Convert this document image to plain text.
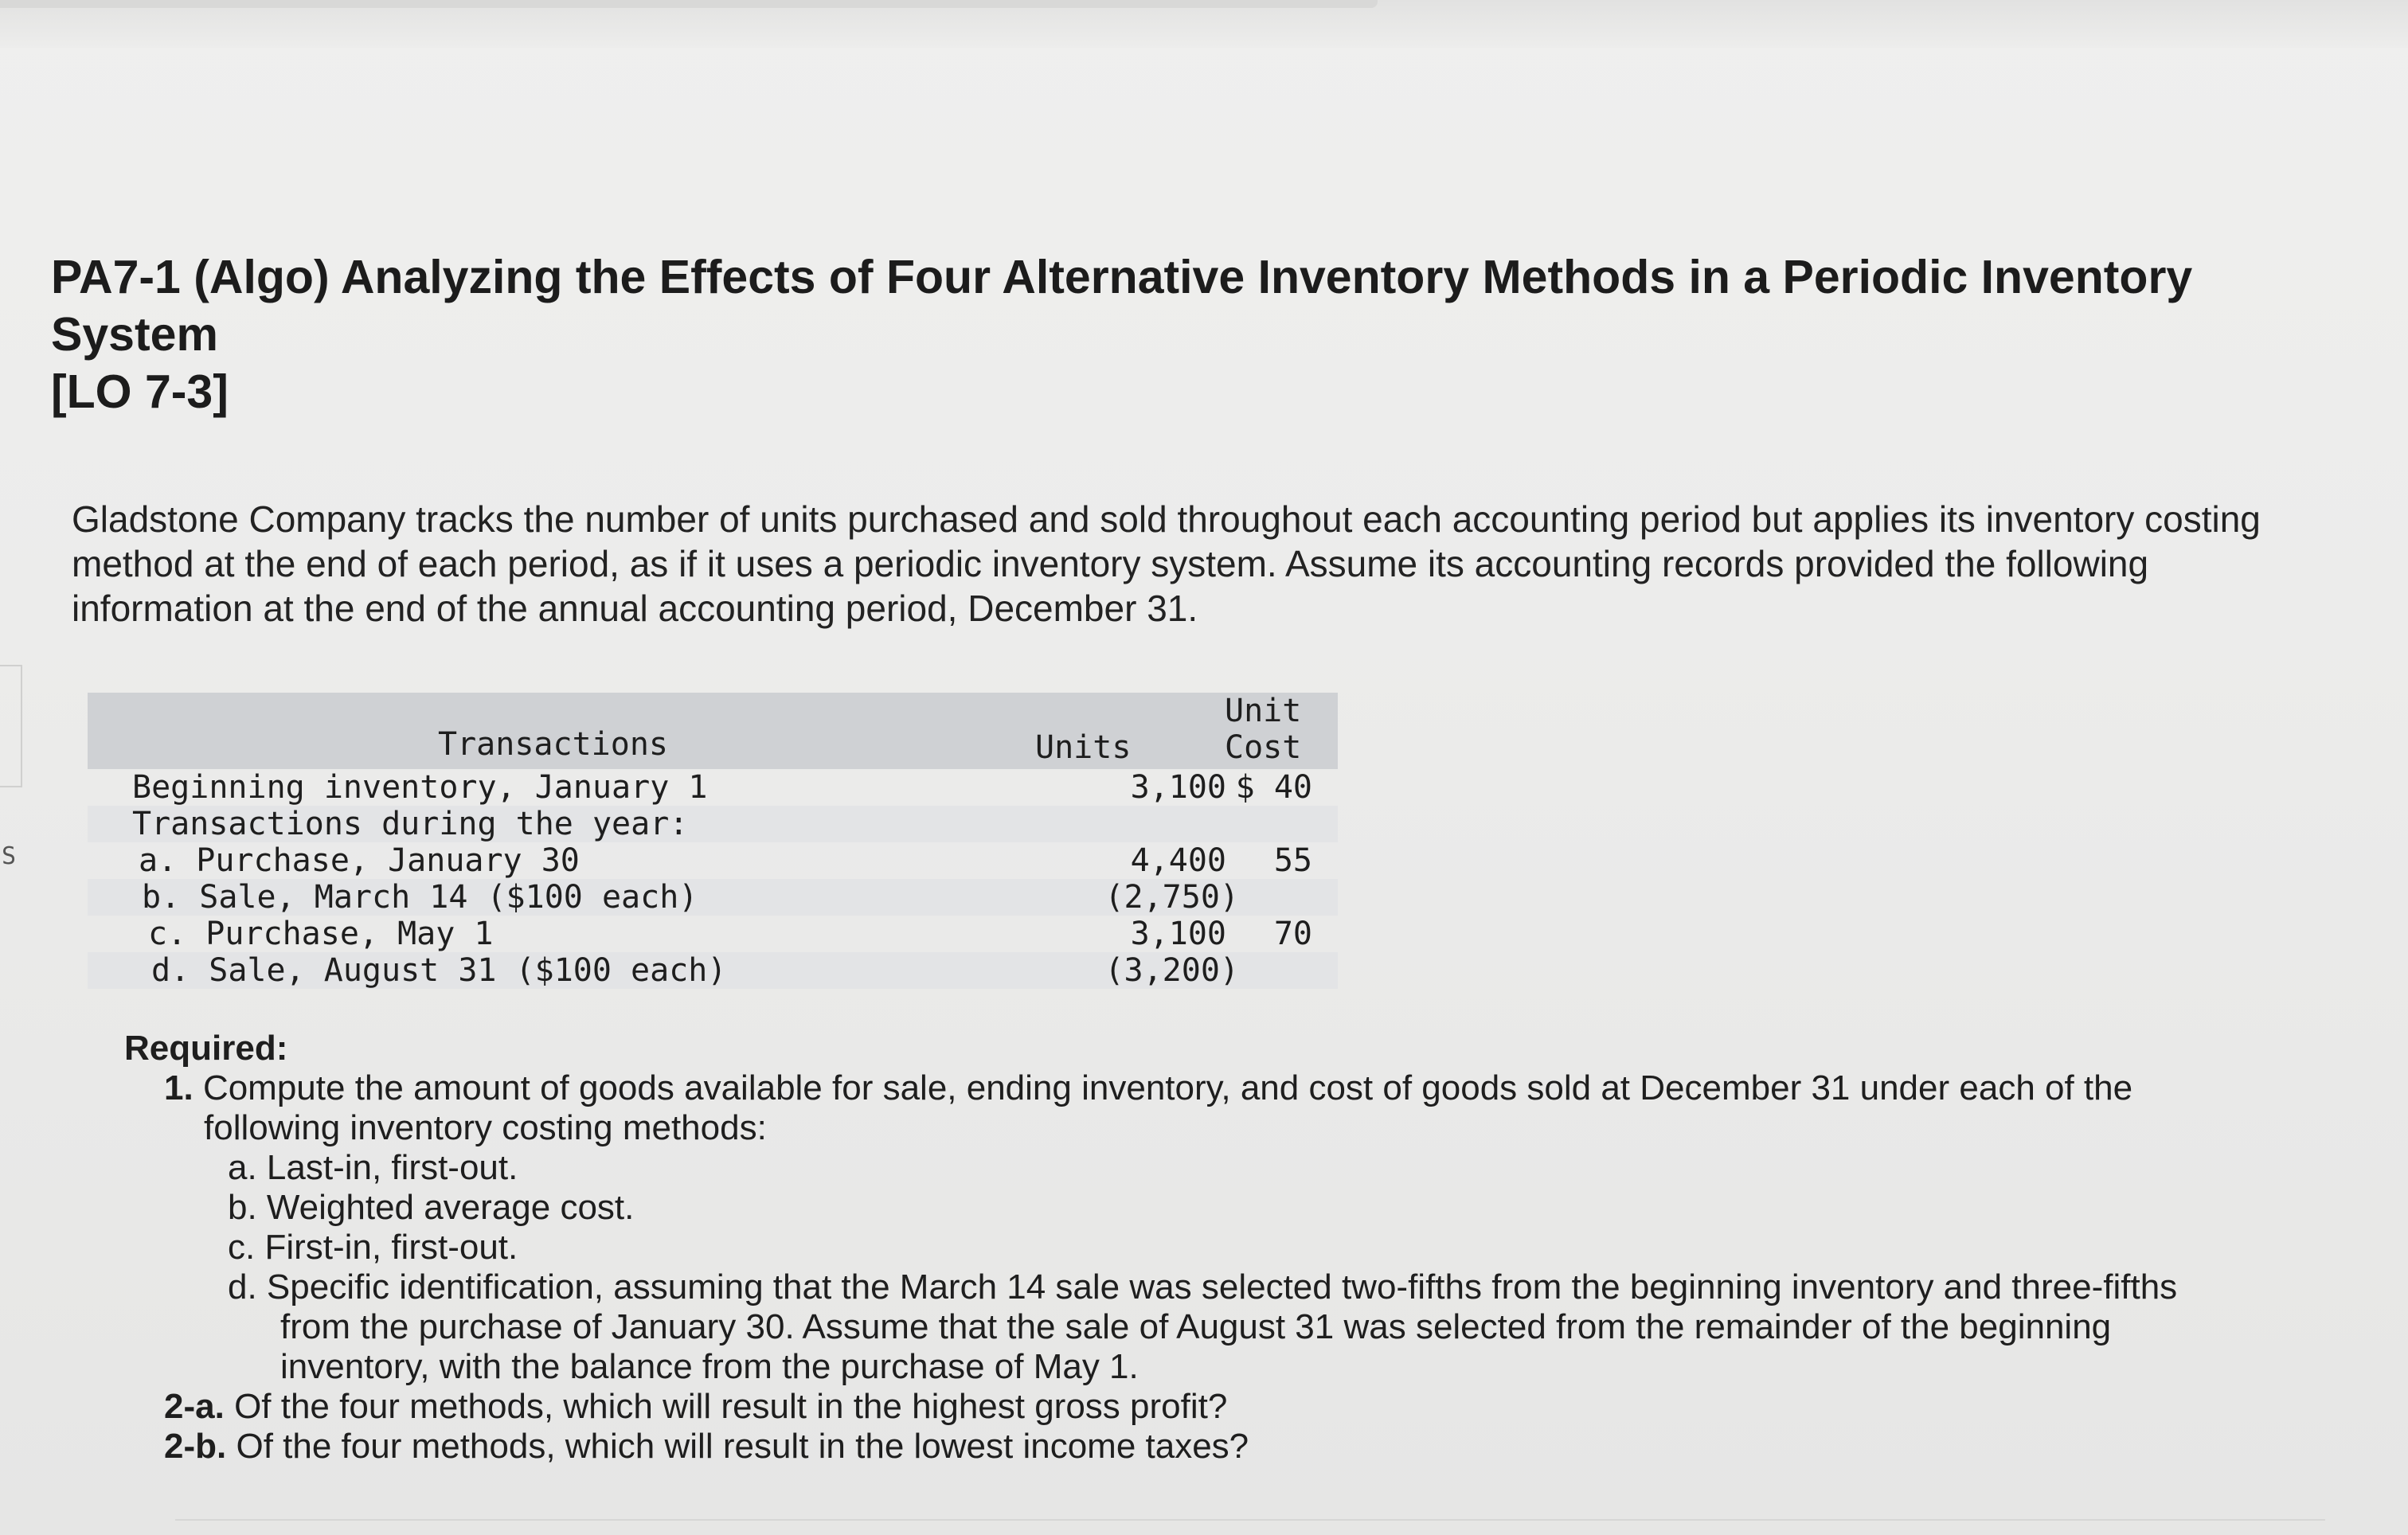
S
PA7-1 (Algo) Analyzing the Effects of Four Alternative Inventory Methods in a Periodic Inventory System
[LO 7-3]

Gladstone Company tracks the number of units purchased and sold throughout each accounting period but applies its inventory costing method at the end of each period, as if it uses a periodic inventory system. Assume its accounting records provided the following information at the end of the annual accounting period, December 31.

Transactions	Units
Unit
Cost
Beginning inventory, January 1	3,100 $ 40
Transactions during the year:
a. Purchase, January 30	4,400	55
b. Sale, March 14 ($100 each)	(2,750)
c. Purchase, May 1	3,100	70
d. Sale, August 31 ($100 each)	(3,200)
Required:
1. Compute the amount of goods available for sale, ending inventory, and cost of goods sold at December 31 under each of the
following inventory costing methods:
a. Last-in, first-out.
b. Weighted average cost.
c. First-in, first-out.
d. Specific identification, assuming that the March 14 sale was selected two-fifths from the beginning inventory and three-fifths
from the purchase of January 30. Assume that the sale of August 31 was selected from the remainder of the beginning
inventory, with the balance from the purchase of May 1.
2-a. Of the four methods, which will result in the highest gross profit?
2-b. Of the four methods, which will result in the lowest income taxes?
